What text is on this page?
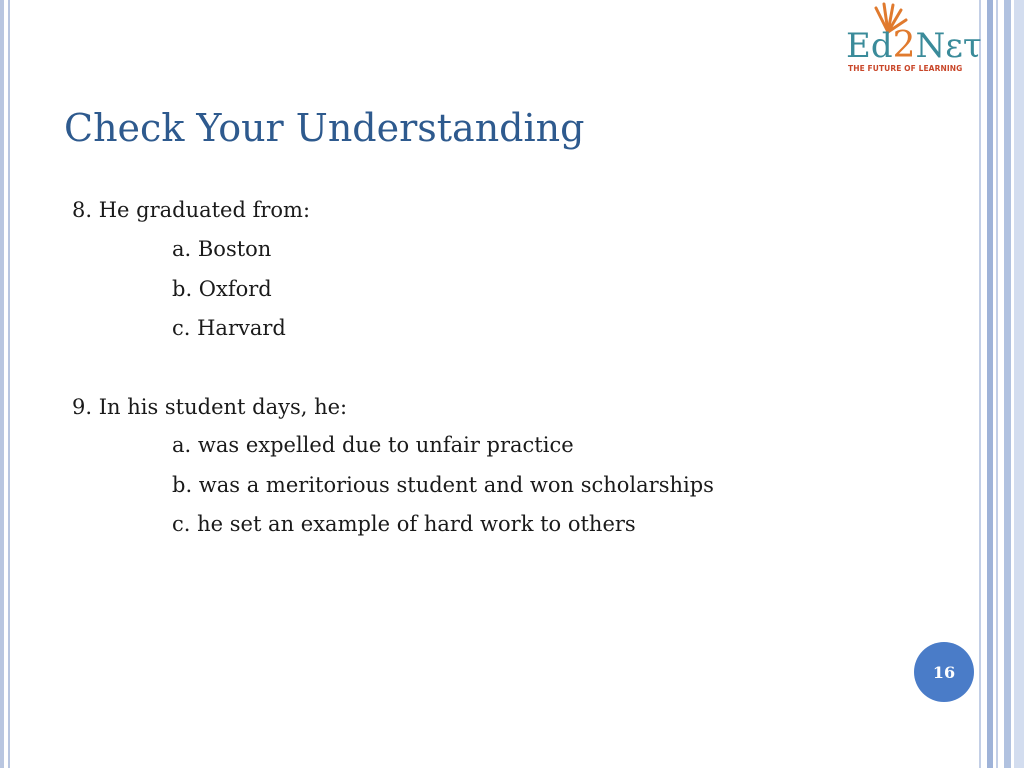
Ed2Νετ
THE FUTURE OF LEARNING
Check Your Understanding
8. He graduated from:
a. Boston
b. Oxford
c. Harvard
9. In his student days, he:
a. was expelled due to unfair practice
b. was a meritorious student and won scholarships
c. he set an example of hard work to others
16
